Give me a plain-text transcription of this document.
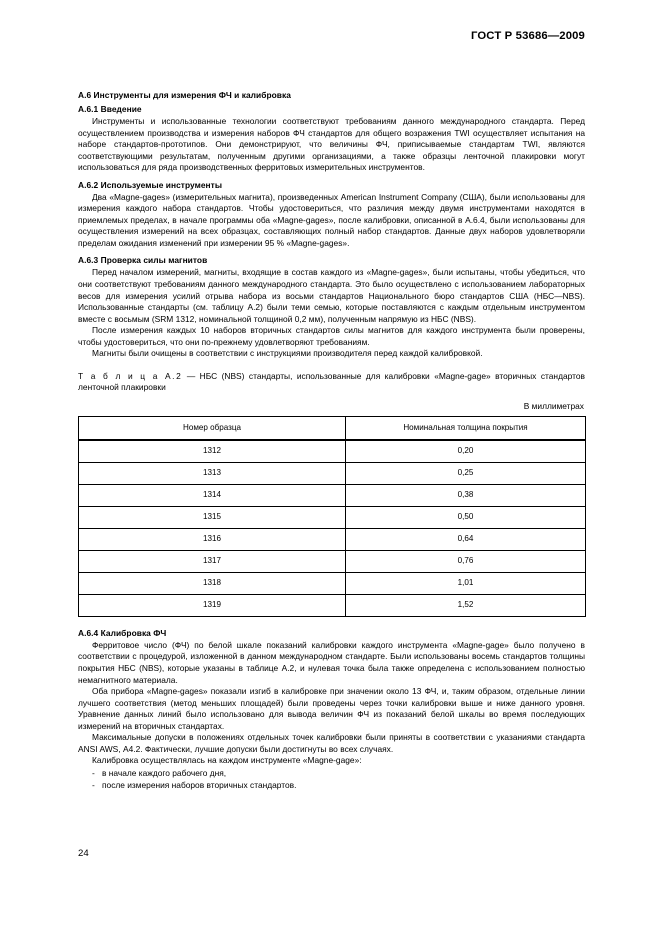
ГОСТ Р 53686—2009
А.6 Инструменты для измерения ФЧ и калибровка
А.6.1 Введение

Инструменты и использованные технологии соответствуют требованиям данного международного стандарта. Перед осуществлением производства и измерения наборов ФЧ стандартов для общего возражения TWI осуществляет испытания на наборе стандартов-прототипов. Они демонстрируют, что величины ФЧ, приписываемые стандартам TWI, являются соответствующими результатам, полученным другими организациями, а также образцы ленточной плакировки могут использоваться для ряда производственных ферритовых измерительных инструментов.

А.6.2 Используемые инструменты

Два «Magne-gages» (измерительных магнита), произведенных American Instrument Company (США), были использованы для измерения каждого набора стандартов. Чтобы удостовериться, что различия между двумя инструментами находятся в приемлемых пределах, в начале программы оба «Magne-gages», после калибровки, описанной в А.6.4, были использованы для осуществления измерений на всех образцах, составляющих полный набор стандартов. Данные двух наборов удовлетворяли пределам ожидания изменений при измерении 95 % «Magne-gages».

А.6.3 Проверка силы магнитов

Перед началом измерений, магниты, входящие в состав каждого из «Magne-gages», были испытаны, чтобы убедиться, что они соответствуют требованиям данного международного стандарта. Это было осуществлено с использованием лабораторных весов для измерения усилий отрыва набора из восьми стандартов Национального бюро стандартов США (НБС—NBS). Использованные стандарты (см. таблицу А.2) были теми семью, которые поставляются с каждым отдельным инструментом вместе с восьмым (SRM 1312, номинальной толщиной 0,2 мм), полученным напрямую из НБС (NBS).

После измерения каждых 10 наборов вторичных стандартов силы магнитов для каждого инструмента были проверены, чтобы удостовериться, что они по-прежнему удовлетворяют требованиям.

Магниты были очищены в соответствии с инструкциями производителя перед каждой калибровкой.

Т а б л и ц а А.2 — НБС (NBS) стандарты, использованные для калибровки «Magne-gage» вторичных стандартов ленточной плакировки

В миллиметрах

Номер образца	Номинальная толщина покрытия
1312	0,20
1313	0,25
1314	0,38
1315	0,50
1316	0,64
1317	0,76
1318	1,01
1319	1,52
А.6.4 Калибровка ФЧ

Ферритовое число (ФЧ) по белой шкале показаний калибровки каждого инструмента «Magne-gage» было получено в соответствии с процедурой, изложенной в данном международном стандарте. Были использованы восемь стандартов толщины покрытия НБС (NBS), которые указаны в таблице А.2, и нулевая точка была также определена с использованием полностью немагнитного материала.

Оба прибора «Magne-gages» показали изгиб в калибровке при значении около 13 ФЧ, и, таким образом, отдельные линии лучшего соответствия (метод меньших площадей) были проведены через точки калибровки выше и ниже данного уровня. Уравнение данных линий было использовано для вывода величин ФЧ из показаний белой шкалы во время последующих измерений на вторичных стандартах.

Максимальные допуски в положениях отдельных точек калибровки были приняты в соответствии с указаниями стандарта ANSI AWS, А4.2. Фактически, лучшие допуски были достигнуты во всех случаях.

Калибровка осуществлялась на каждом инструменте «Magne-gage»:

- в начале каждого рабочего дня,
- после измерения наборов вторичных стандартов.
24
